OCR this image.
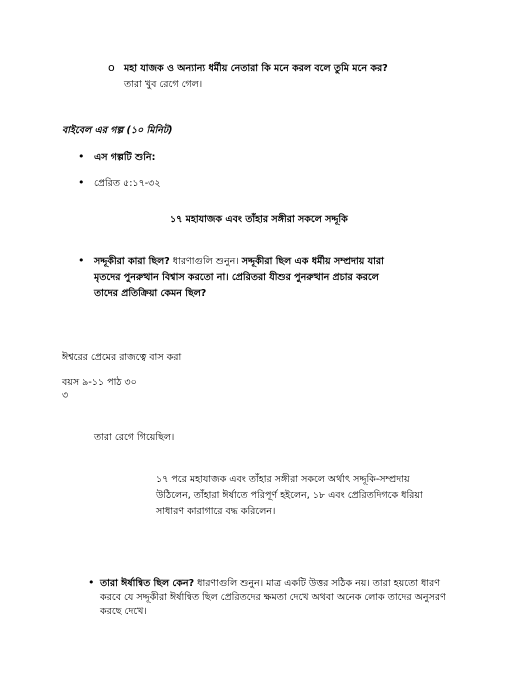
o মহা যাজক ও অন্যান্য ধর্মীয় নেতারা কি মনে করল বলে তুমি মনে কর?
তারা খুব রেগে গেল।
বাইবেল এর গল্প (১০ মিনিট)
• এস গল্পটি শুনি:
• প্রেরিত ৫:১৭-৩২
১৭ মহাযাজক এবং তাঁহার সঙ্গীরা সকলে সদ্দূকি
• সদ্দূকীরা কারা ছিল? ধারণাগুলি শুনুন। সদ্দূকীরা ছিল এক ধর্মীয় সম্প্রদায় যারা
মৃতদের পুনরুত্থান বিশ্বাস করতো না। প্রেরিতরা যীশুর পুনরুত্থান প্রচার করলে
তাদের প্রতিক্রিয়া কেমন ছিল?
ঈশ্বরের প্রেমের রাজত্বে বাস করা
বয়স ৯-১১ পাঠ ৩০
৩
তারা রেগে গিয়েছিল।
১৭ পরে মহাযাজক এবং তাঁহার সঙ্গীরা সকলে অর্থাৎ সদ্দূকি-সম্প্রদায়
উঠিলেন, তাঁহারা ঈর্ষাতে পরিপূর্ণ হইলেন, ১৮ এবং প্রেরিতদিগকে ধরিয়া
সাধারণ কারাগারে বদ্ধ করিলেন।
• তারা ঈর্ষান্বিত ছিল কেন? ধারণাগুলি শুনুন। মাত্র একটি উত্তর সঠিক নয়। তারা হয়তো ধারণ
করবে যে সদ্দূকীরা ঈর্ষান্বিত ছিল প্রেরিতদের ক্ষমতা দেখে অথবা অনেক লোক তাদের অনুসরণ
করছে দেখে।
